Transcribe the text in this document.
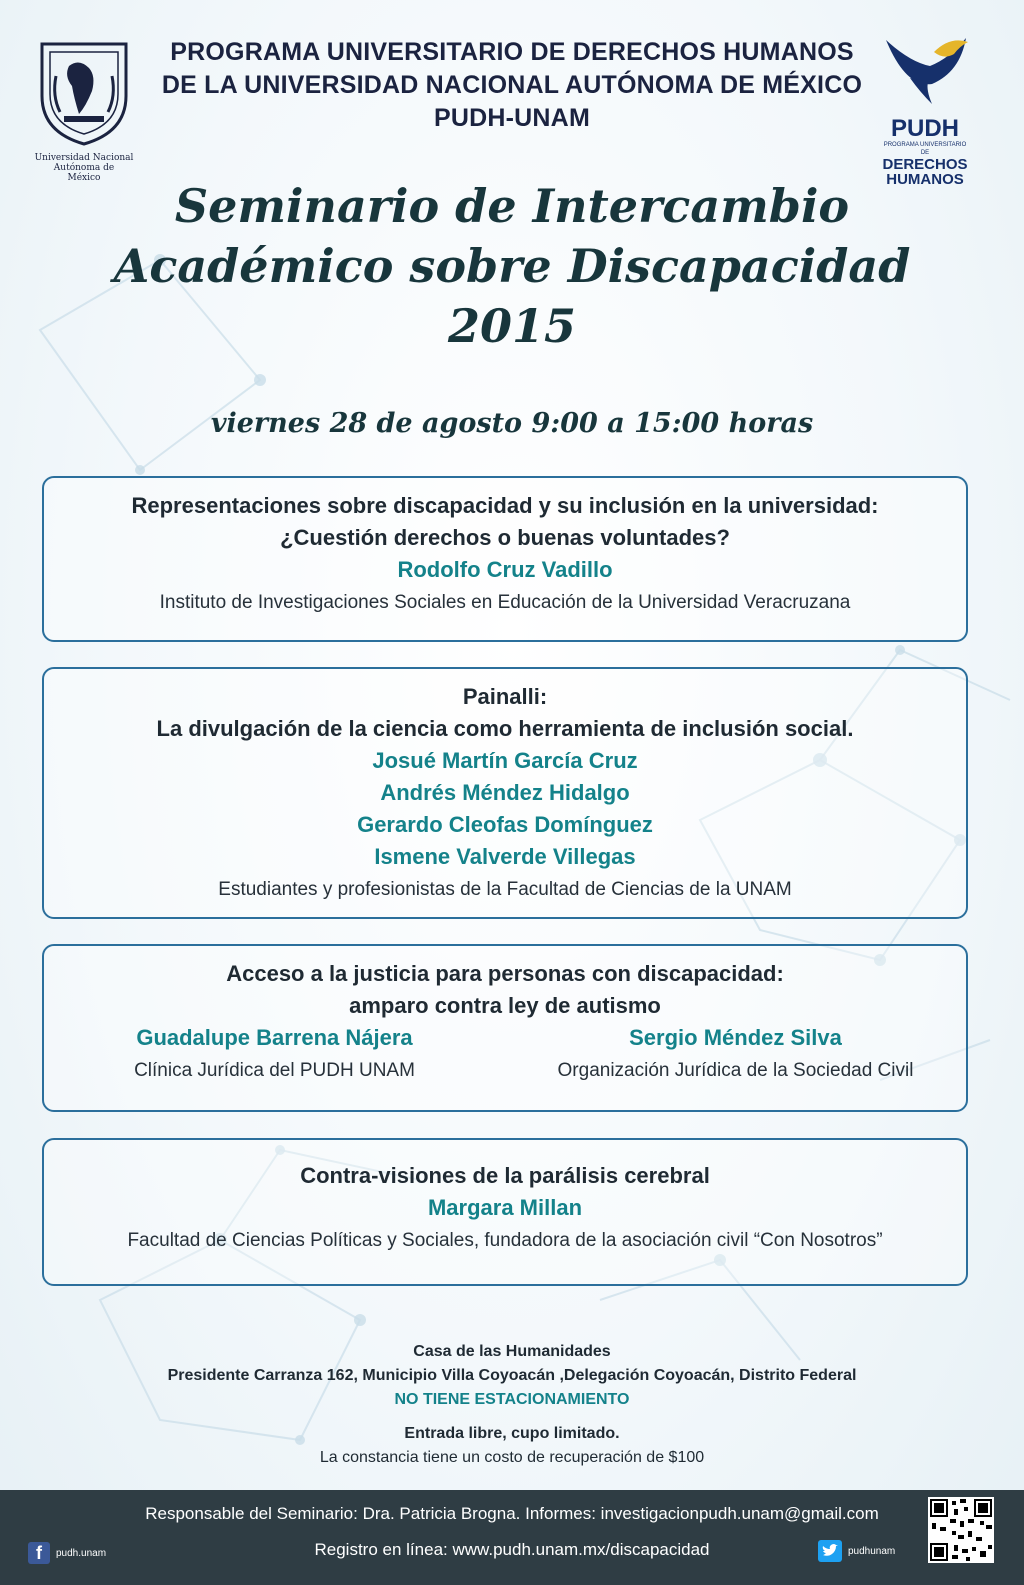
Universidad Nacional
Autónoma de
México
PUDH
PROGRAMA UNIVERSITARIO DE
DERECHOS
HUMANOS
PROGRAMA UNIVERSITARIO DE DERECHOS HUMANOS
DE LA UNIVERSIDAD NACIONAL AUTÓNOMA DE MÉXICO
PUDH-UNAM
Seminario de Intercambio
Académico sobre Discapacidad
2015
viernes 28 de agosto 9:00 a 15:00 horas
Representaciones sobre discapacidad y su inclusión en la universidad:
¿Cuestión derechos o buenas voluntades?
Rodolfo Cruz Vadillo
Instituto de Investigaciones Sociales en Educación de la Universidad Veracruzana
Painalli:
La divulgación de la ciencia como herramienta de inclusión social.
Josué Martín García Cruz
Andrés Méndez Hidalgo
Gerardo Cleofas Domínguez
Ismene Valverde Villegas
Estudiantes y profesionistas de la Facultad de Ciencias de la UNAM
Acceso a la justicia para personas con discapacidad:
amparo contra ley de autismo
Guadalupe Barrena Nájera
Clínica Jurídica del PUDH UNAM
Sergio Méndez Silva
Organización Jurídica de la Sociedad Civil
Contra-visiones de la parálisis cerebral
Margara Millan
Facultad de Ciencias Políticas y Sociales, fundadora de la asociación civil “Con Nosotros”
Casa de las Humanidades
Presidente Carranza 162, Municipio Villa Coyoacán ,Delegación Coyoacán, Distrito Federal
NO TIENE ESTACIONAMIENTO
Entrada libre, cupo limitado.
La constancia tiene un costo de recuperación de $100
Responsable del Seminario: Dra. Patricia Brogna. Informes: investigacionpudh.unam@gmail.com
Registro en línea: www.pudh.unam.mx/discapacidad
f	pudh.unam	pudhunam
